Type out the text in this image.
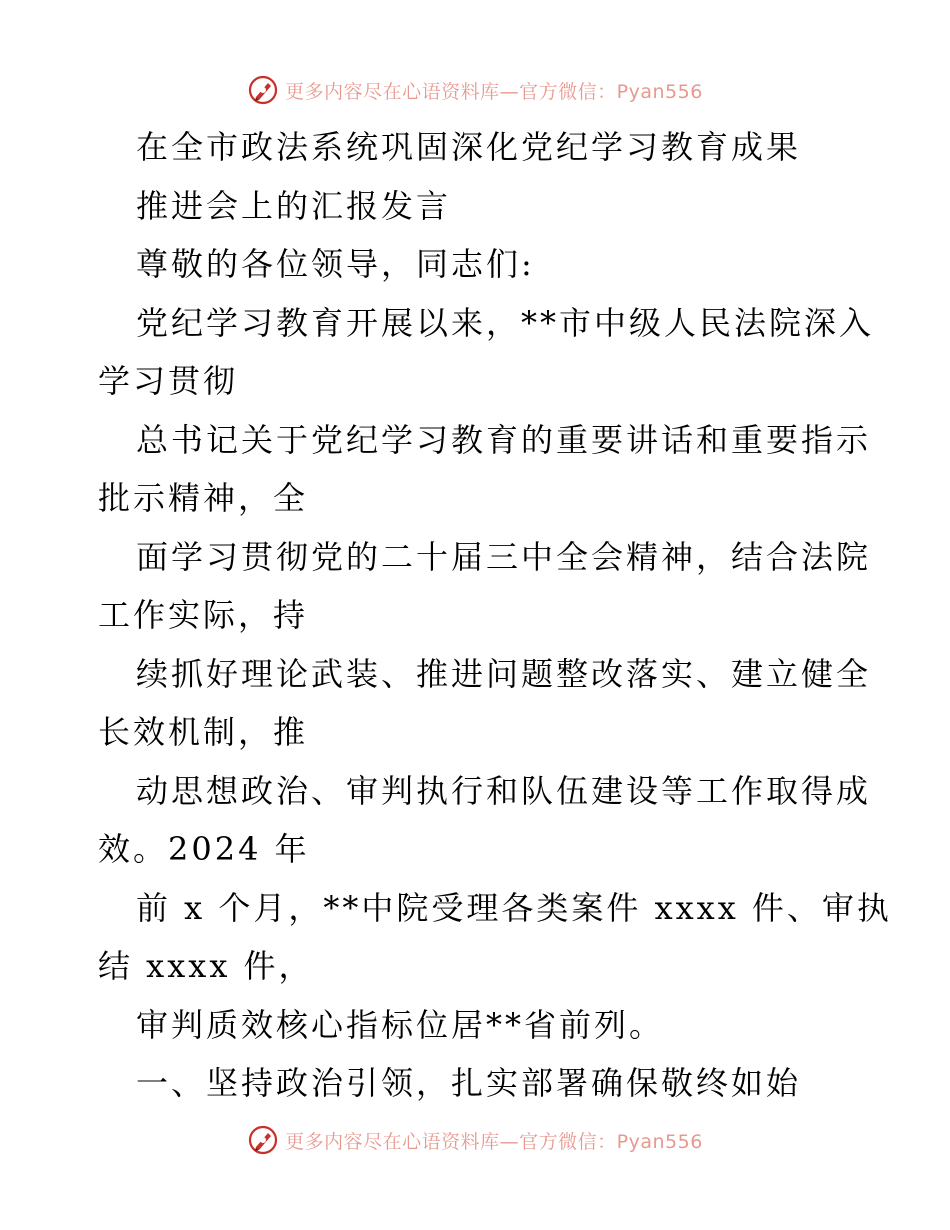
更多内容尽在心语资料库—官方微信：Pyan556
在全市政法系统巩固深化党纪学习教育成果
推进会上的汇报发言
尊敬的各位领导，同志们:
党纪学习教育开展以来，**市中级人民法院深入
学习贯彻
总书记关于党纪学习教育的重要讲话和重要指示
批示精神，全
面学习贯彻党的二十届三中全会精神，结合法院
工作实际，持
续抓好理论武装、推进问题整改落实、建立健全
长效机制，推
动思想政治、审判执行和队伍建设等工作取得成
效。2024 年
前 x 个月，**中院受理各类案件 xxxx 件、审执
结 xxxx 件，
审判质效核心指标位居**省前列。
一、坚持政治引领，扎实部署确保敬终如始
更多内容尽在心语资料库—官方微信：Pyan556
